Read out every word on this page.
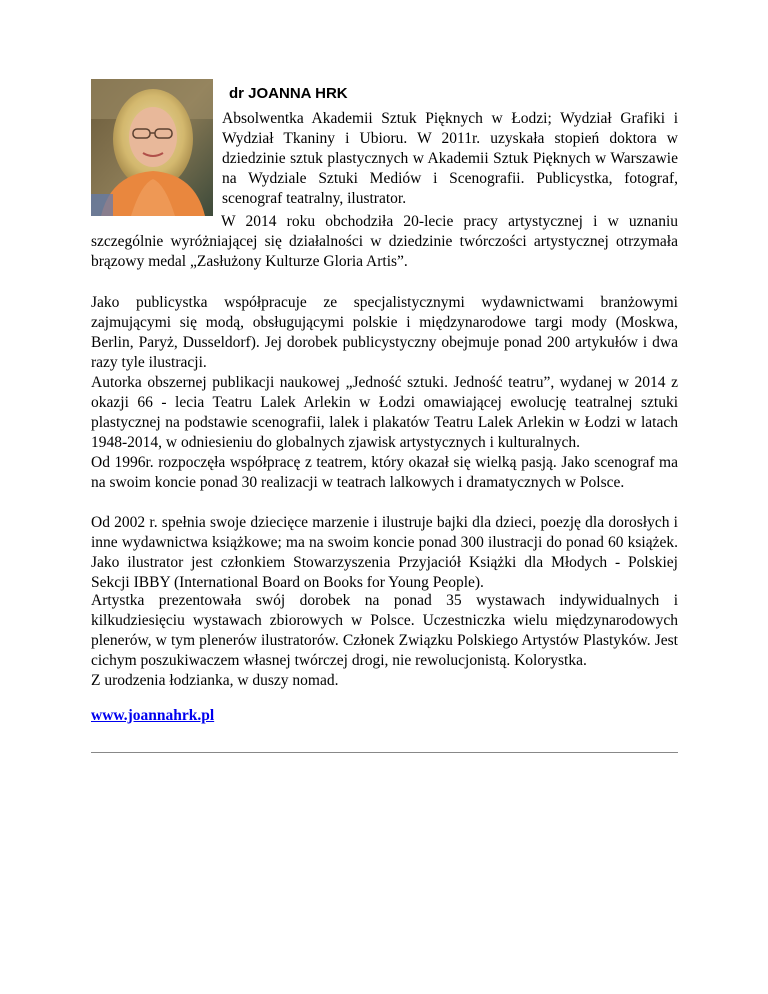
dr JOANNA HRK

Absolwentka Akademii Sztuk Pięknych w Łodzi; Wydział Grafiki i Wydział Tkaniny i Ubioru. W 2011r. uzyskała stopień doktora w dziedzinie sztuk plastycznych w Akademii Sztuk Pięknych w Warszawie na Wydziale Sztuki Mediów i Scenografii. Publicystka, fotograf, scenograf teatralny, ilustrator.

W 2014 roku obchodziła 20-lecie pracy artystycznej i w uznaniu szczególnie wyróżniającej się działalności w dziedzinie twórczości artystycznej otrzymała brązowy medal „Zasłużony Kulturze Gloria Artis”.

Jako publicystka współpracuje ze specjalistycznymi wydawnictwami branżowymi zajmującymi się modą, obsługującymi polskie i międzynarodowe targi mody (Moskwa, Berlin, Paryż, Dusseldorf). Jej dorobek publicystyczny obejmuje ponad 200 artykułów i dwa razy tyle ilustracji.

Autorka obszernej publikacji naukowej „Jedność sztuki. Jedność teatru”, wydanej w 2014 z okazji 66 - lecia Teatru Lalek Arlekin w Łodzi omawiającej ewolucję teatralnej sztuki plastycznej na podstawie scenografii, lalek i plakatów Teatru Lalek Arlekin w Łodzi w latach 1948-2014, w odniesieniu do globalnych zjawisk artystycznych i kulturalnych.

Od 1996r. rozpoczęła współpracę z teatrem, który okazał się wielką pasją. Jako scenograf ma na swoim koncie ponad 30 realizacji w teatrach lalkowych i dramatycznych w Polsce.

Od 2002 r. spełnia swoje dziecięce marzenie i ilustruje bajki dla dzieci, poezję dla dorosłych i inne wydawnictwa książkowe; ma na swoim koncie ponad 300 ilustracji do ponad 60 książek. Jako ilustrator jest członkiem Stowarzyszenia Przyjaciół Książki dla Młodych - Polskiej Sekcji IBBY (International Board on Books for Young People).

Artystka prezentowała swój dorobek na ponad 35 wystawach indywidualnych i kilkudziesięciu wystawach zbiorowych w Polsce. Uczestniczka wielu międzynarodowych plenerów, w tym plenerów ilustratorów. Członek Związku Polskiego Artystów Plastyków. Jest cichym poszukiwaczem własnej twórczej drogi, nie rewolucjonistą. Kolorystka.
Z urodzenia łodzianka, w duszy nomad.
www.joannahrk.pl
